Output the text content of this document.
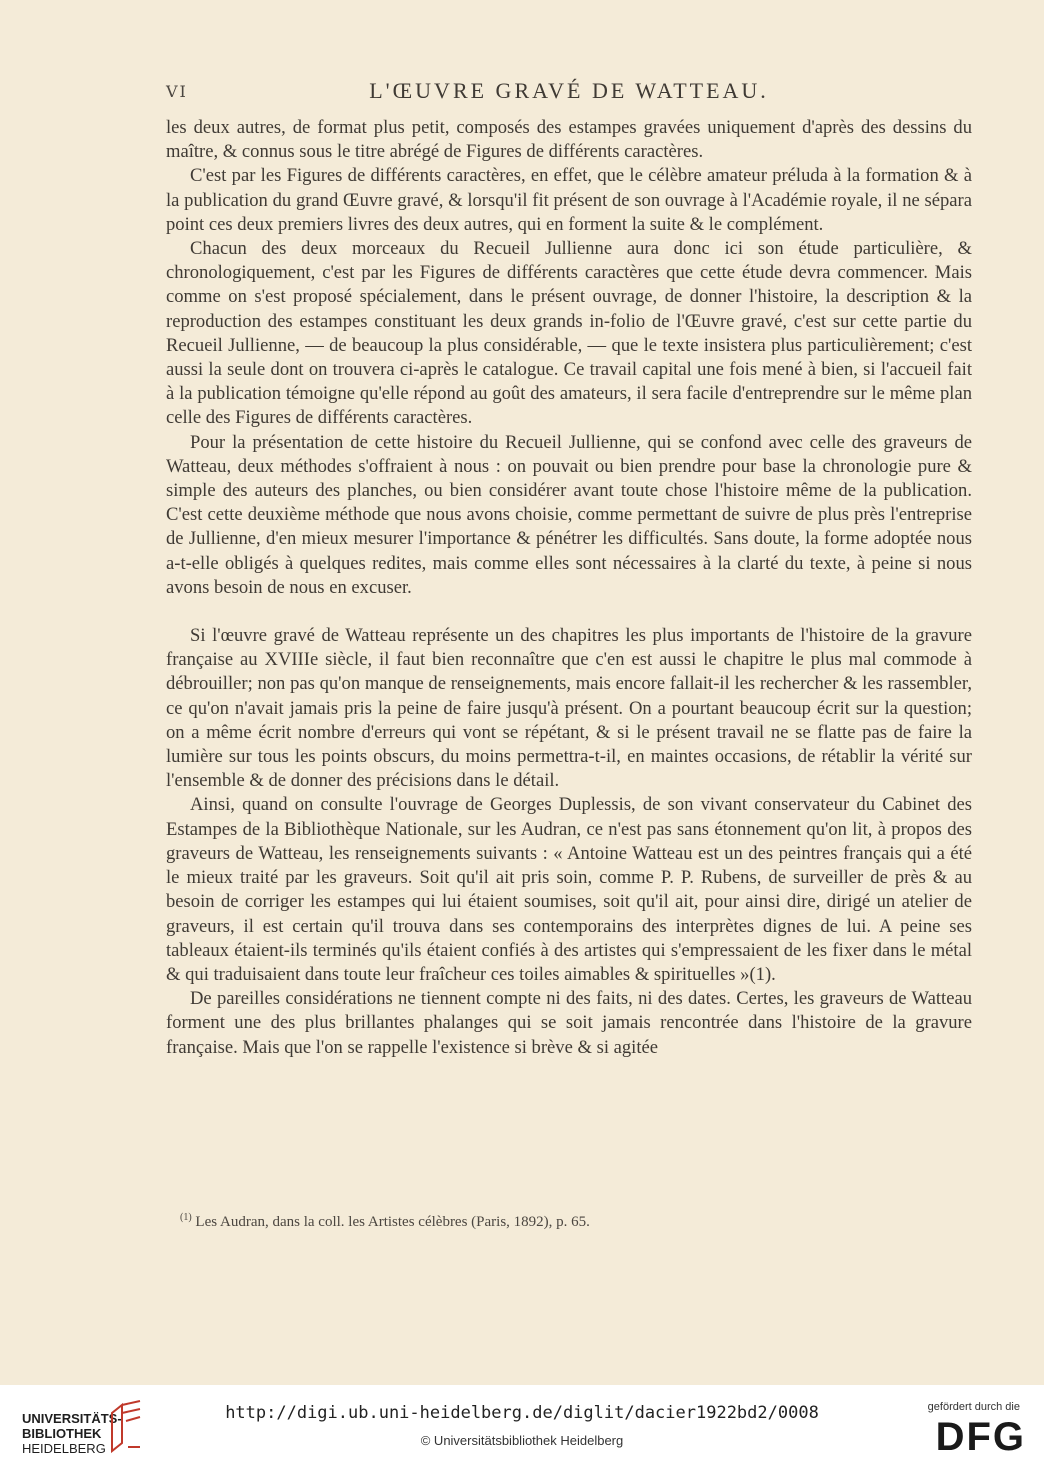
VI	L'ŒUVRE GRAVÉ DE WATTEAU.

les deux autres, de format plus petit, composés des estampes gravées uniquement d'après des dessins du maître, & connus sous le titre abrégé de Figures de différents caractères.

C'est par les Figures de différents caractères, en effet, que le célèbre amateur préluda à la formation & à la publication du grand Œuvre gravé, & lorsqu'il fit présent de son ouvrage à l'Académie royale, il ne sépara point ces deux premiers livres des deux autres, qui en forment la suite & le complément.

Chacun des deux morceaux du Recueil Jullienne aura donc ici son étude particulière, & chronologiquement, c'est par les Figures de différents caractères que cette étude devra commencer. Mais comme on s'est proposé spécialement, dans le présent ouvrage, de donner l'histoire, la description & la reproduction des estampes constituant les deux grands in-folio de l'Œuvre gravé, c'est sur cette partie du Recueil Jullienne, — de beaucoup la plus considérable, — que le texte insistera plus particulièrement; c'est aussi la seule dont on trouvera ci-après le catalogue. Ce travail capital une fois mené à bien, si l'accueil fait à la publication témoigne qu'elle répond au goût des amateurs, il sera facile d'entreprendre sur le même plan celle des Figures de différents caractères.

Pour la présentation de cette histoire du Recueil Jullienne, qui se confond avec celle des graveurs de Watteau, deux méthodes s'offraient à nous : on pouvait ou bien prendre pour base la chronologie pure & simple des auteurs des planches, ou bien considérer avant toute chose l'histoire même de la publication. C'est cette deuxième méthode que nous avons choisie, comme permettant de suivre de plus près l'entreprise de Jullienne, d'en mieux mesurer l'importance & pénétrer les difficultés. Sans doute, la forme adoptée nous a-t-elle obligés à quelques redites, mais comme elles sont nécessaires à la clarté du texte, à peine si nous avons besoin de nous en excuser.

Si l'œuvre gravé de Watteau représente un des chapitres les plus importants de l'histoire de la gravure française au XVIIIe siècle, il faut bien reconnaître que c'en est aussi le chapitre le plus mal commode à débrouiller; non pas qu'on manque de renseignements, mais encore fallait-il les rechercher & les rassembler, ce qu'on n'avait jamais pris la peine de faire jusqu'à présent. On a pourtant beaucoup écrit sur la question; on a même écrit nombre d'erreurs qui vont se répétant, & si le présent travail ne se flatte pas de faire la lumière sur tous les points obscurs, du moins permettra-t-il, en maintes occasions, de rétablir la vérité sur l'ensemble & de donner des précisions dans le détail.

Ainsi, quand on consulte l'ouvrage de Georges Duplessis, de son vivant conservateur du Cabinet des Estampes de la Bibliothèque Nationale, sur les Audran, ce n'est pas sans étonnement qu'on lit, à propos des graveurs de Watteau, les renseignements suivants : « Antoine Watteau est un des peintres français qui a été le mieux traité par les graveurs. Soit qu'il ait pris soin, comme P. P. Rubens, de surveiller de près & au besoin de corriger les estampes qui lui étaient soumises, soit qu'il ait, pour ainsi dire, dirigé un atelier de graveurs, il est certain qu'il trouva dans ses contemporains des interprètes dignes de lui. A peine ses tableaux étaient-ils terminés qu'ils étaient confiés à des artistes qui s'empressaient de les fixer dans le métal & qui traduisaient dans toute leur fraîcheur ces toiles aimables & spirituelles »(1).

De pareilles considérations ne tiennent compte ni des faits, ni des dates. Certes, les graveurs de Watteau forment une des plus brillantes phalanges qui se soit jamais rencontrée dans l'histoire de la gravure française. Mais que l'on se rappelle l'existence si brève & si agitée

$^{(1)}$ Les Audran, dans la coll. les Artistes célèbres (Paris, 1892), p. 65.
UNIVERSITÄTS-
BIBLIOTHEK
HEIDELBERG
http://digi.ub.uni-heidelberg.de/diglit/dacier1922bd2/0008
© Universitätsbibliothek Heidelberg
gefördert durch die
DFG
